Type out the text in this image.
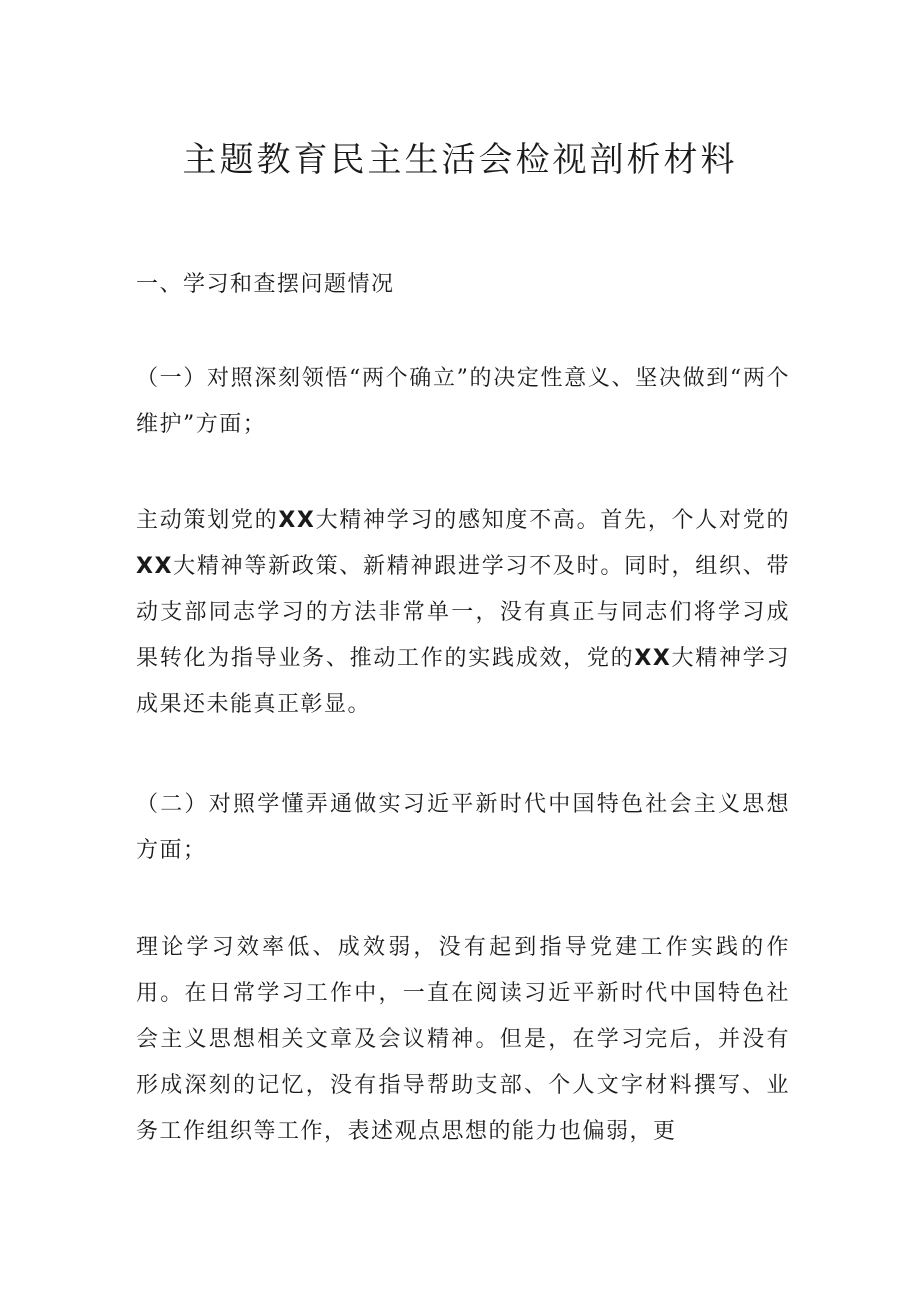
主题教育民主生活会检视剖析材料
一、学习和查摆问题情况
（一）对照深刻领悟“两个确立”的决定性意义、坚决做到“两个维护”方面；
主动策划党的XX大精神学习的感知度不高。首先，个人对党的XX大精神等新政策、新精神跟进学习不及时。同时，组织、带动支部同志学习的方法非常单一，没有真正与同志们将学习成果转化为指导业务、推动工作的实践成效，党的XX大精神学习成果还未能真正彰显。
（二）对照学懂弄通做实习近平新时代中国特色社会主义思想方面；
理论学习效率低、成效弱，没有起到指导党建工作实践的作用。在日常学习工作中，一直在阅读习近平新时代中国特色社会主义思想相关文章及会议精神。但是，在学习完后，并没有形成深刻的记忆，没有指导帮助支部、个人文字材料撰写、业务工作组织等工作，表述观点思想的能力也偏弱，更
